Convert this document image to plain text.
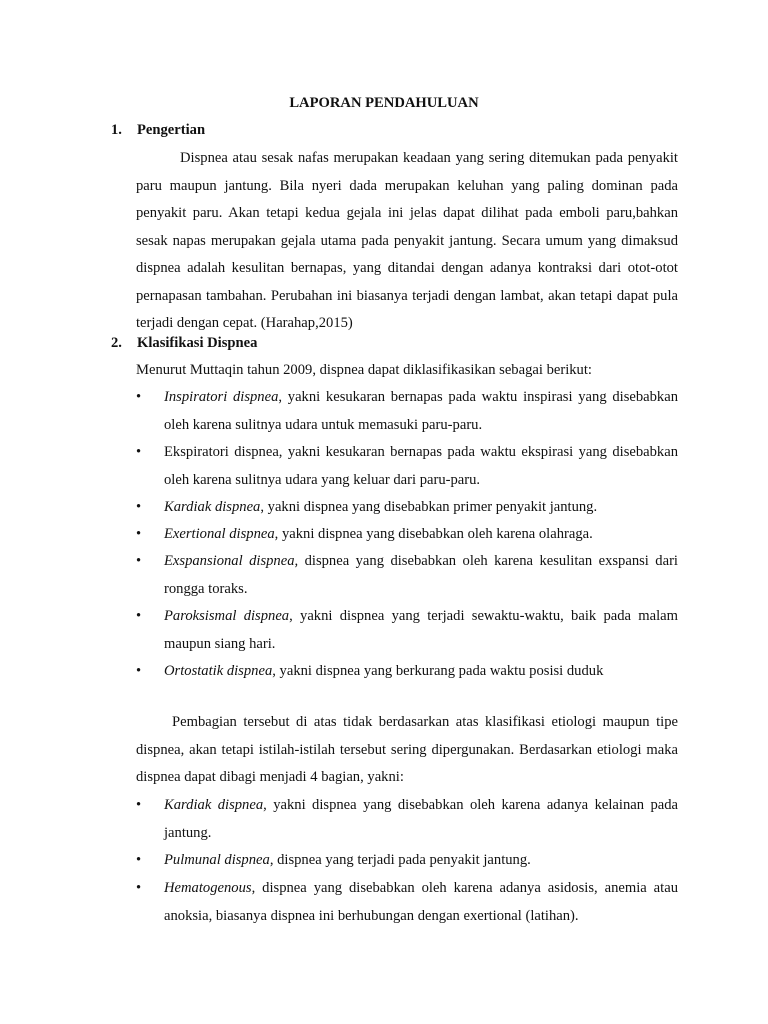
LAPORAN PENDAHULUAN
1. Pengertian
Dispnea atau sesak nafas merupakan keadaan yang sering ditemukan pada penyakit paru maupun jantung. Bila nyeri dada merupakan keluhan yang paling dominan pada penyakit paru. Akan tetapi kedua gejala ini jelas dapat dilihat pada emboli paru,bahkan sesak napas merupakan gejala utama pada penyakit jantung. Secara umum yang dimaksud dispnea adalah kesulitan bernapas, yang ditandai dengan adanya kontraksi dari otot-otot pernapasan tambahan. Perubahan ini biasanya terjadi dengan lambat, akan tetapi dapat pula terjadi dengan cepat. (Harahap,2015)
2. Klasifikasi Dispnea
Menurut Muttaqin tahun 2009, dispnea dapat diklasifikasikan sebagai berikut:
•	Inspiratori dispnea, yakni kesukaran bernapas pada waktu inspirasi yang disebabkan oleh karena sulitnya udara untuk memasuki paru-paru.
•	Ekspiratori dispnea, yakni kesukaran bernapas pada waktu ekspirasi yang disebabkan oleh karena sulitnya udara yang keluar dari paru-paru.
•	Kardiak dispnea, yakni dispnea yang disebabkan primer penyakit jantung.
•	Exertional dispnea, yakni dispnea yang disebabkan oleh karena olahraga.
•	Exspansional dispnea, dispnea yang disebabkan oleh karena kesulitan exspansi dari rongga toraks.
•	Paroksismal dispnea, yakni dispnea yang terjadi sewaktu-waktu, baik pada malam maupun siang hari.
•	Ortostatik dispnea, yakni dispnea yang berkurang pada waktu posisi duduk
Pembagian tersebut di atas tidak berdasarkan atas klasifikasi etiologi maupun tipe dispnea, akan tetapi istilah-istilah tersebut sering dipergunakan. Berdasarkan etiologi maka dispnea dapat dibagi menjadi 4 bagian, yakni:
•	Kardiak dispnea, yakni dispnea yang disebabkan oleh karena adanya kelainan pada jantung.
•	Pulmunal dispnea, dispnea yang terjadi pada penyakit jantung.
•	Hematogenous, dispnea yang disebabkan oleh karena adanya asidosis, anemia atau anoksia, biasanya dispnea ini berhubungan dengan exertional (latihan).
